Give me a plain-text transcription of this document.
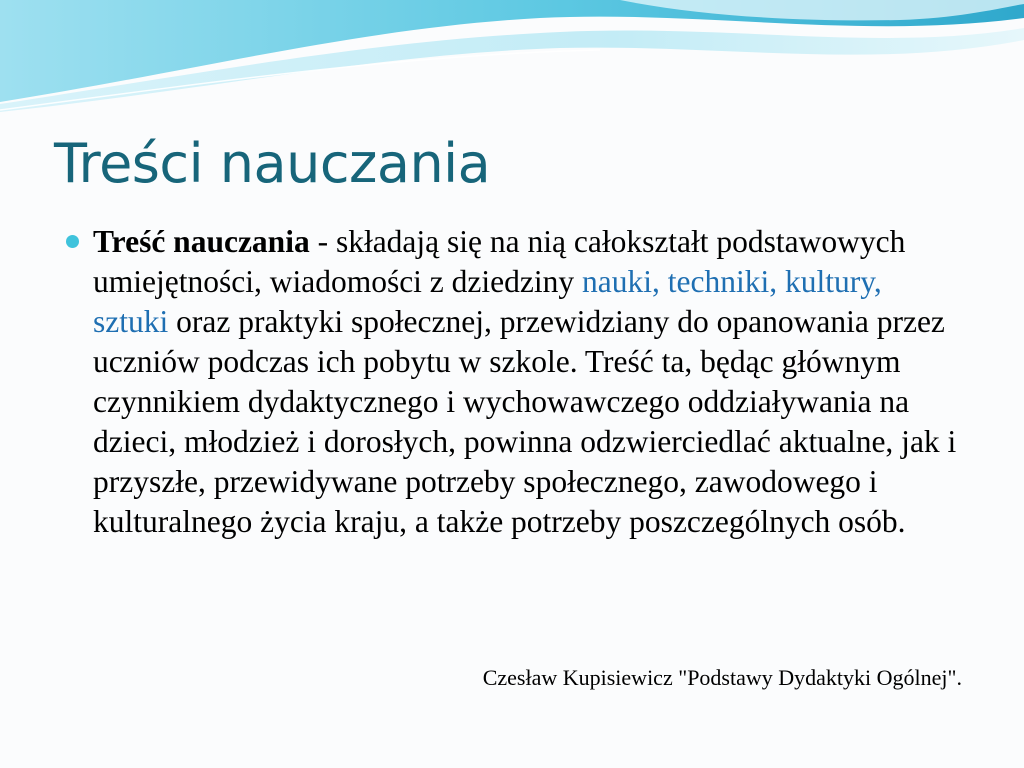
Treści nauczania
Treść nauczania - składają się na nią całokształt podstawowych umiejętności, wiadomości z dziedziny nauki, techniki, kultury, sztuki oraz praktyki społecznej, przewidziany do opanowania przez uczniów podczas ich pobytu w szkole. Treść ta, będąc głównym czynnikiem dydaktycznego i wychowawczego oddziaływania na dzieci, młodzież i dorosłych, powinna odzwierciedlać aktualne, jak i przyszłe, przewidywane potrzeby społecznego, zawodowego i kulturalnego życia kraju, a także potrzeby poszczególnych osób.
Czesław Kupisiewicz "Podstawy Dydaktyki Ogólnej".
